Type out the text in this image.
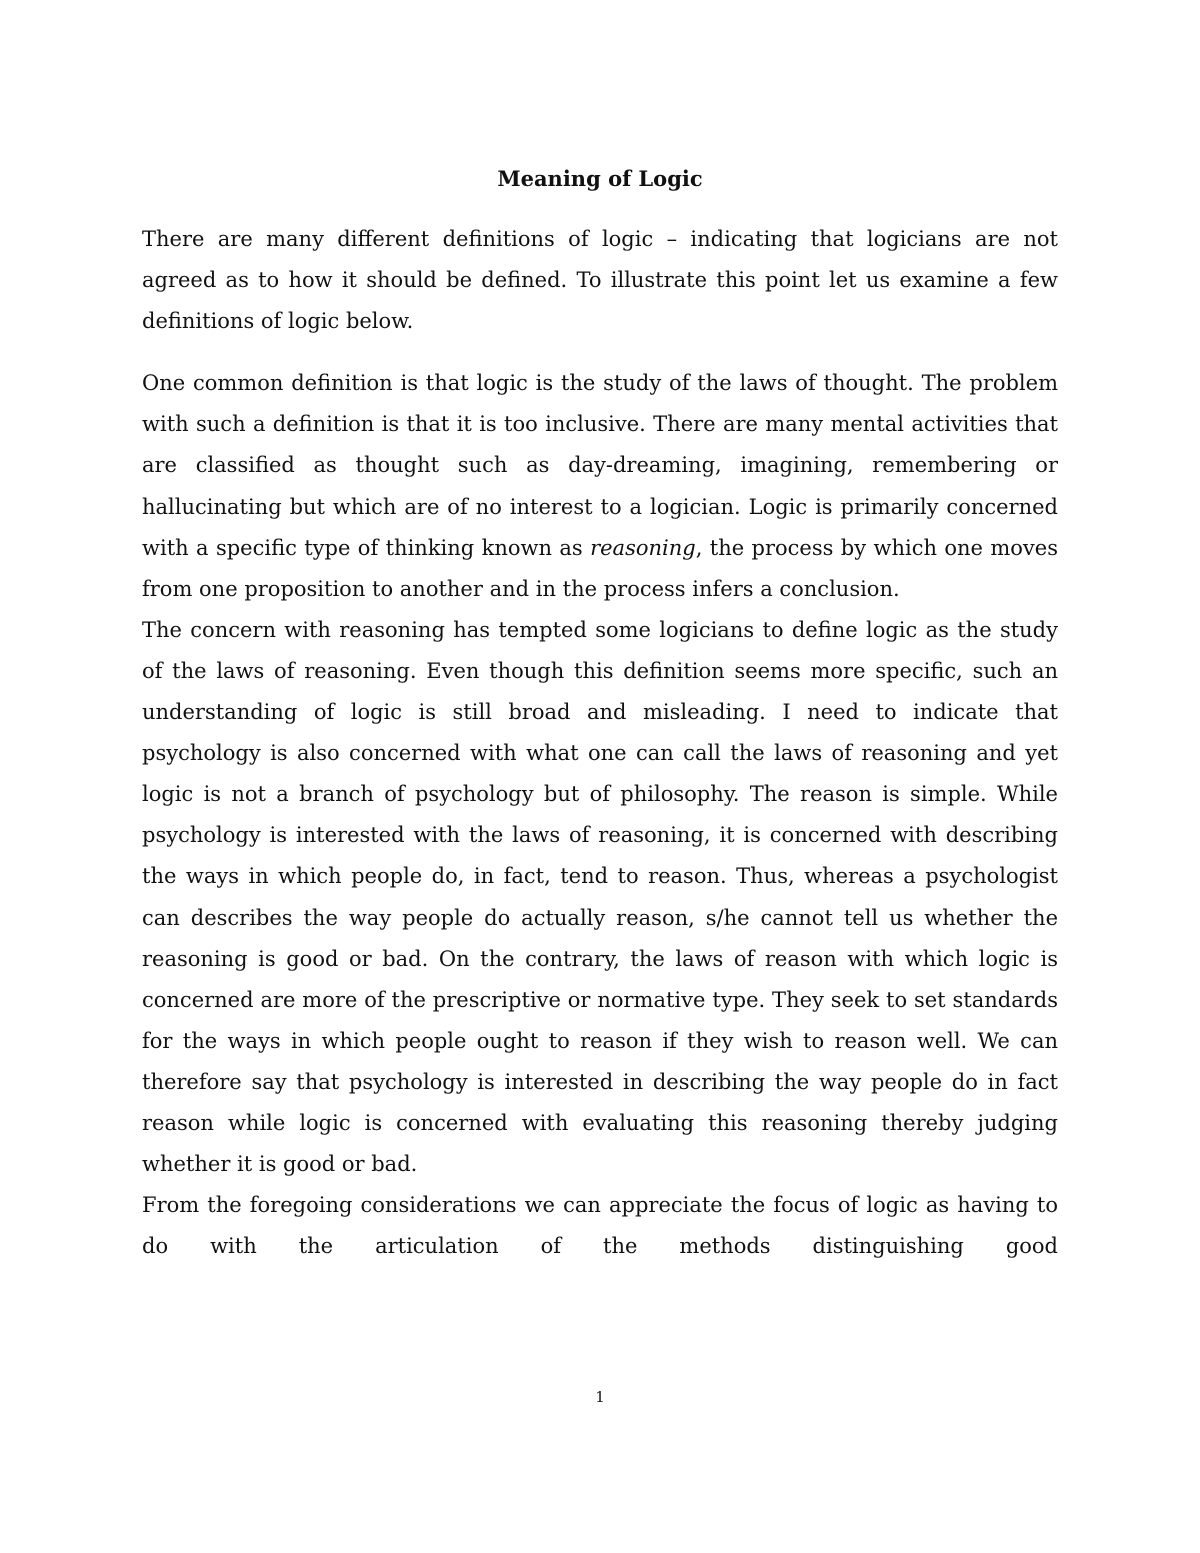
Meaning of Logic

There are many different definitions of logic – indicating that logicians are not agreed as to how it should be defined. To illustrate this point let us examine a few definitions of logic below.

One common definition is that logic is the study of the laws of thought. The problem with such a definition is that it is too inclusive. There are many mental activities that are classified as thought such as day-dreaming, imagining, remembering or hallucinating but which are of no interest to a logician. Logic is primarily concerned with a specific type of thinking known as reasoning, the process by which one moves from one proposition to another and in the process infers a conclusion.

The concern with reasoning has tempted some logicians to define logic as the study of the laws of reasoning. Even though this definition seems more specific, such an understanding of logic is still broad and misleading. I need to indicate that psychology is also concerned with what one can call the laws of reasoning and yet logic is not a branch of psychology but of philosophy. The reason is simple. While psychology is interested with the laws of reasoning, it is concerned with describing the ways in which people do, in fact, tend to reason. Thus, whereas a psychologist can describes the way people do actually reason, s/he cannot tell us whether the reasoning is good or bad. On the contrary, the laws of reason with which logic is concerned are more of the prescriptive or normative type. They seek to set standards for the ways in which people ought to reason if they wish to reason well. We can therefore say that psychology is interested in describing the way people do in fact reason while logic is concerned with evaluating this reasoning thereby judging whether it is good or bad.

From the foregoing considerations we can appreciate the focus of logic as having to do with the articulation of the methods distinguishing good

1
